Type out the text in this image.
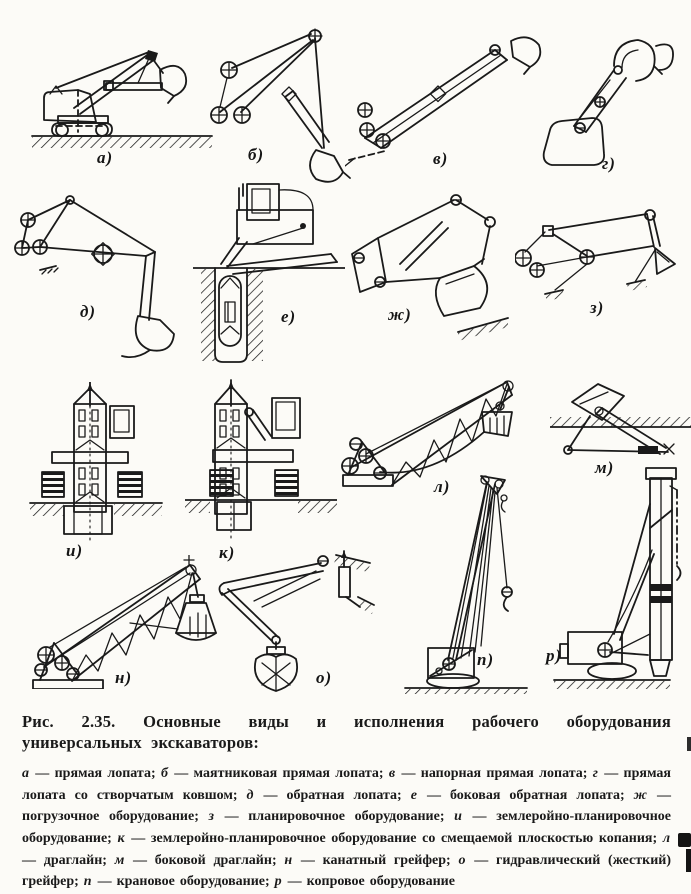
а)	б)	в)	г)
д)	е)	ж)	з)
и)	к)
л)
м)
н)	о)
п)	р)

Рис. 2.35. Основные виды и исполнения рабочего оборудования универсальных экскаваторов:

а — прямая лопата; б — маятниковая прямая лопата; в — напорная прямая лопата; г — прямая лопата со створчатым ковшом; д — обратная лопата; е — боковая обратная лопата; ж — погрузочное оборудование; з — планировочное оборудование; и — землеройно-планировочное оборудование; к — землеройно-планировочное оборудование со смещаемой плоскостью копания; л — драглайн; м — боковой драглайн; н — канатный грейфер; о — гидравлический (жесткий) грейфер; п — крановое оборудование; р — копровое оборудование
